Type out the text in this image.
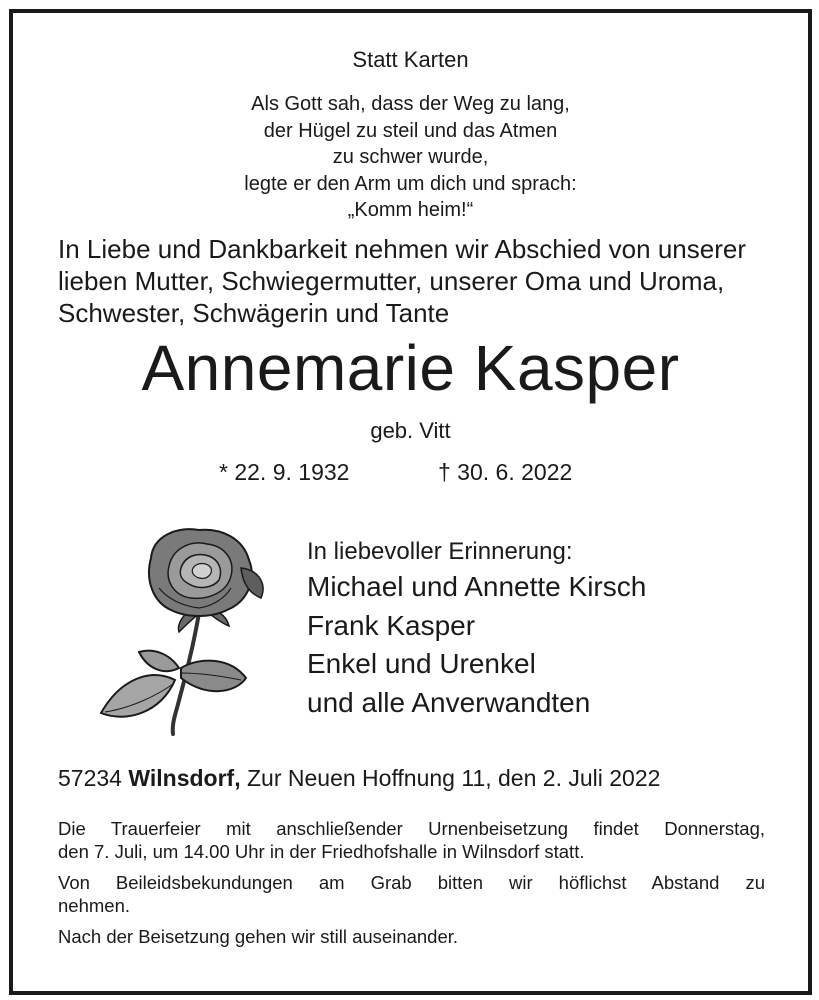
Statt Karten

Als Gott sah, dass der Weg zu lang,
der Hügel zu steil und das Atmen
zu schwer wurde,
legte er den Arm um dich und sprach:
„Komm heim!“
In Liebe und Dankbarkeit nehmen wir Abschied von unserer
lieben Mutter, Schwiegermutter, unserer Oma und Uroma,
Schwester, Schwägerin und Tante

Annemarie Kasper

geb. Vitt

* 22. 9. 1932	† 30. 6. 2022

In liebevoller Erinnerung:
Michael und Annette Kirsch
Frank Kasper
Enkel und Urenkel
und alle Anverwandten

57234 Wilnsdorf, Zur Neuen Hoffnung 11, den 2. Juli 2022

Die Trauerfeier mit anschließender Urnenbeisetzung findet Donnerstag,
den 7. Juli, um 14.00 Uhr in der Friedhofshalle in Wilnsdorf statt.

Von Beileidsbekundungen am Grab bitten wir höflichst Abstand zu
nehmen.

Nach der Beisetzung gehen wir still auseinander.
